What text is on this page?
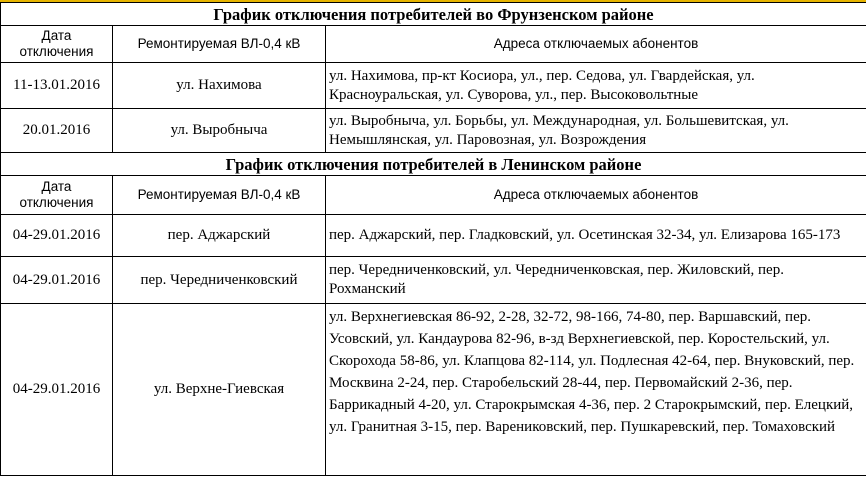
График отключения потребителей во Фрунзенском районе		
Дата
отключения	Ремонтируемая ВЛ-0,4 кВ	Адреса отключаемых абонентов
11-13.01.2016	ул. Нахимова	ул. Нахимова, пр-кт Косиора, ул., пер. Седова, ул. Гвардейская, ул. Красноуральская, ул. Суворова, ул., пер. Высоковольтные
20.01.2016	ул. Выробныча	ул. Выробныча, ул. Борьбы, ул. Международная, ул. Большевитская, ул. Немышлянская, ул. Паровозная, ул. Возрождения
График отключения потребителей в Ленинском районе		
Дата
отключения	Ремонтируемая ВЛ-0,4 кВ	Адреса отключаемых абонентов
04-29.01.2016	пер. Аджарский	пер. Аджарский, пер. Гладковский, ул. Осетинская 32-34, ул. Елизарова 165-173
04-29.01.2016	пер. Чередниченковский	пер. Чередниченковский, ул. Чередниченковская, пер. Жиловский, пер. Рохманский
04-29.01.2016	ул. Верхне-Гиевская	ул. Верхнегиевская 86-92, 2-28, 32-72, 98-166, 74-80, пер. Варшавский, пер. Усовский, ул. Кандаурова 82-96, в-зд Верхнегиевской, пер. Коростельский, ул. Скорохода 58-86, ул. Клапцова 82-114, ул. Подлесная 42-64, пер. Внуковский, пер. Москвина 2-24, пер. Старобельский 28-44, пер. Первомайский 2-36, пер. Баррикадный 4-20, ул. Старокрымская 4-36, пер. 2 Старокрымский, пер. Елецкий, ул. Гранитная 3-15, пер. Варениковский, пер. Пушкаревский, пер. Томаховский
